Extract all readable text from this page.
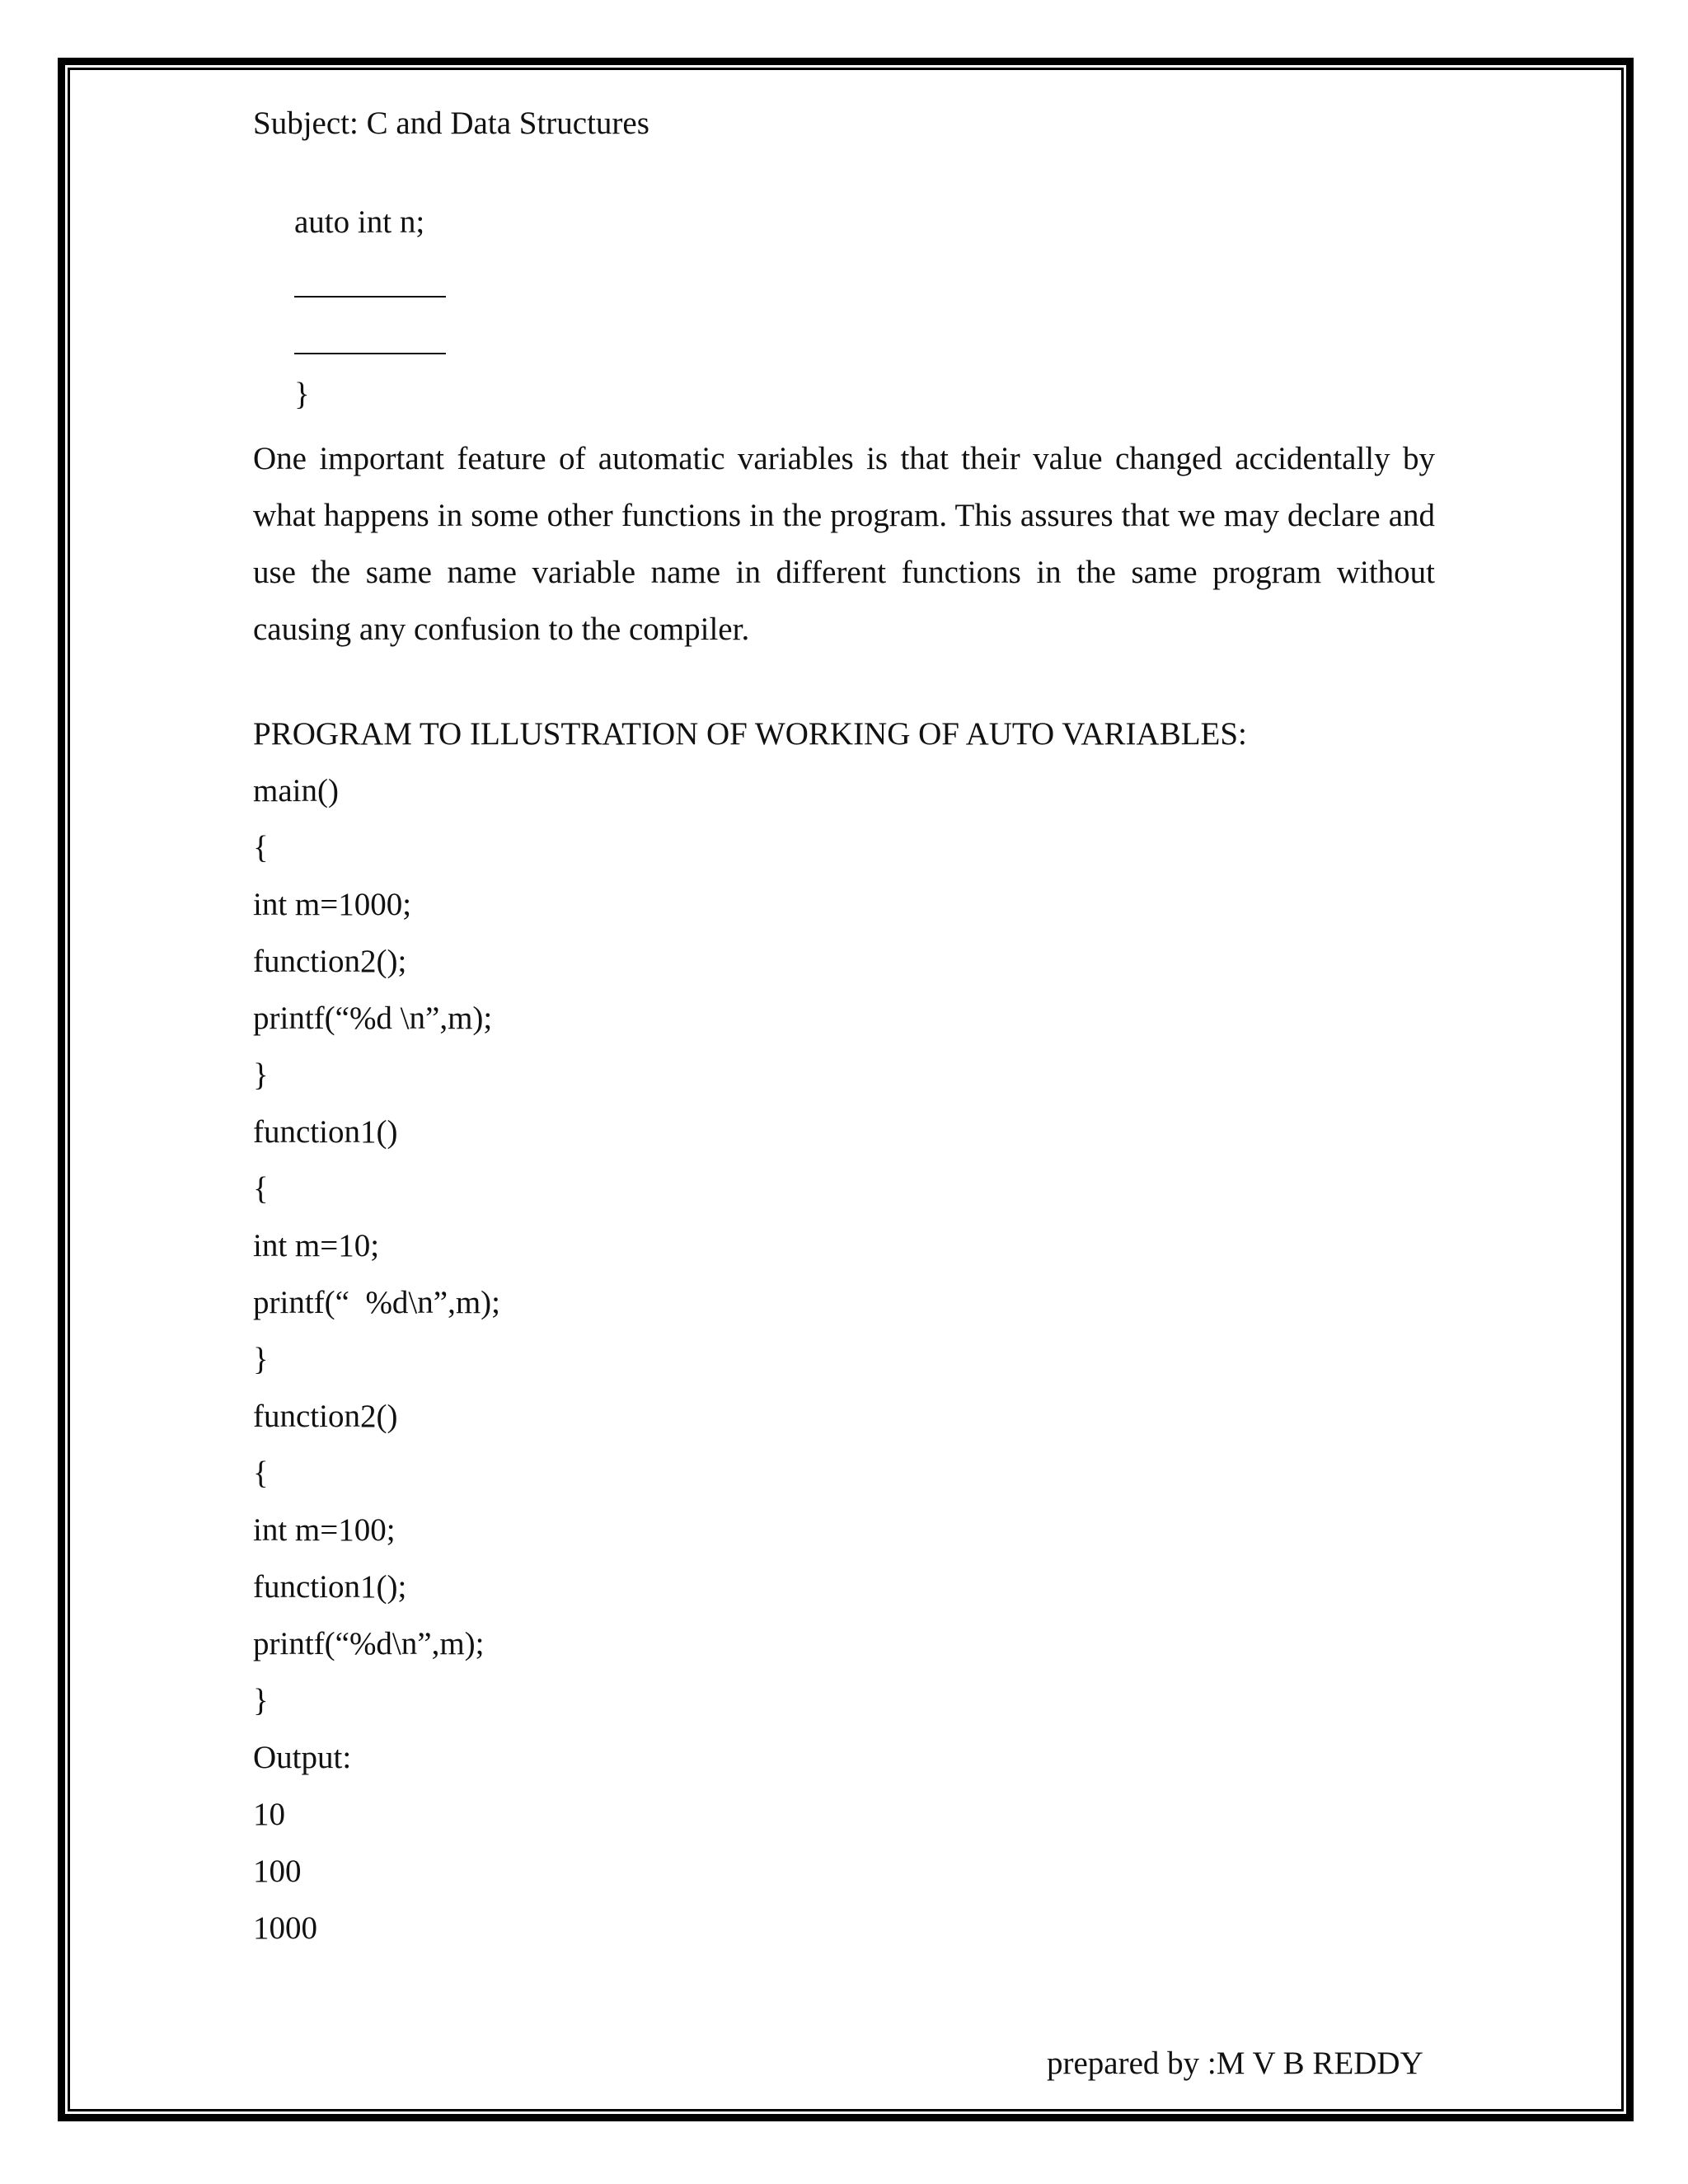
Subject: C and Data Structures
auto int n;
}

One important feature of automatic variables is that their value changed accidentally by what happens in some other functions in the program. This assures that we may declare and use the same name variable name in different functions in the same program without causing any confusion to the compiler.

PROGRAM TO ILLUSTRATION OF WORKING OF AUTO VARIABLES:
main()
{
int m=1000;
function2();
printf(“%d \n”,m);
}
function1()
{
int m=10;
printf(“  %d\n”,m);
}
function2()
{
int m=100;
function1();
printf(“%d\n”,m);
}
Output:
10
100
1000
prepared by :M V B REDDY
